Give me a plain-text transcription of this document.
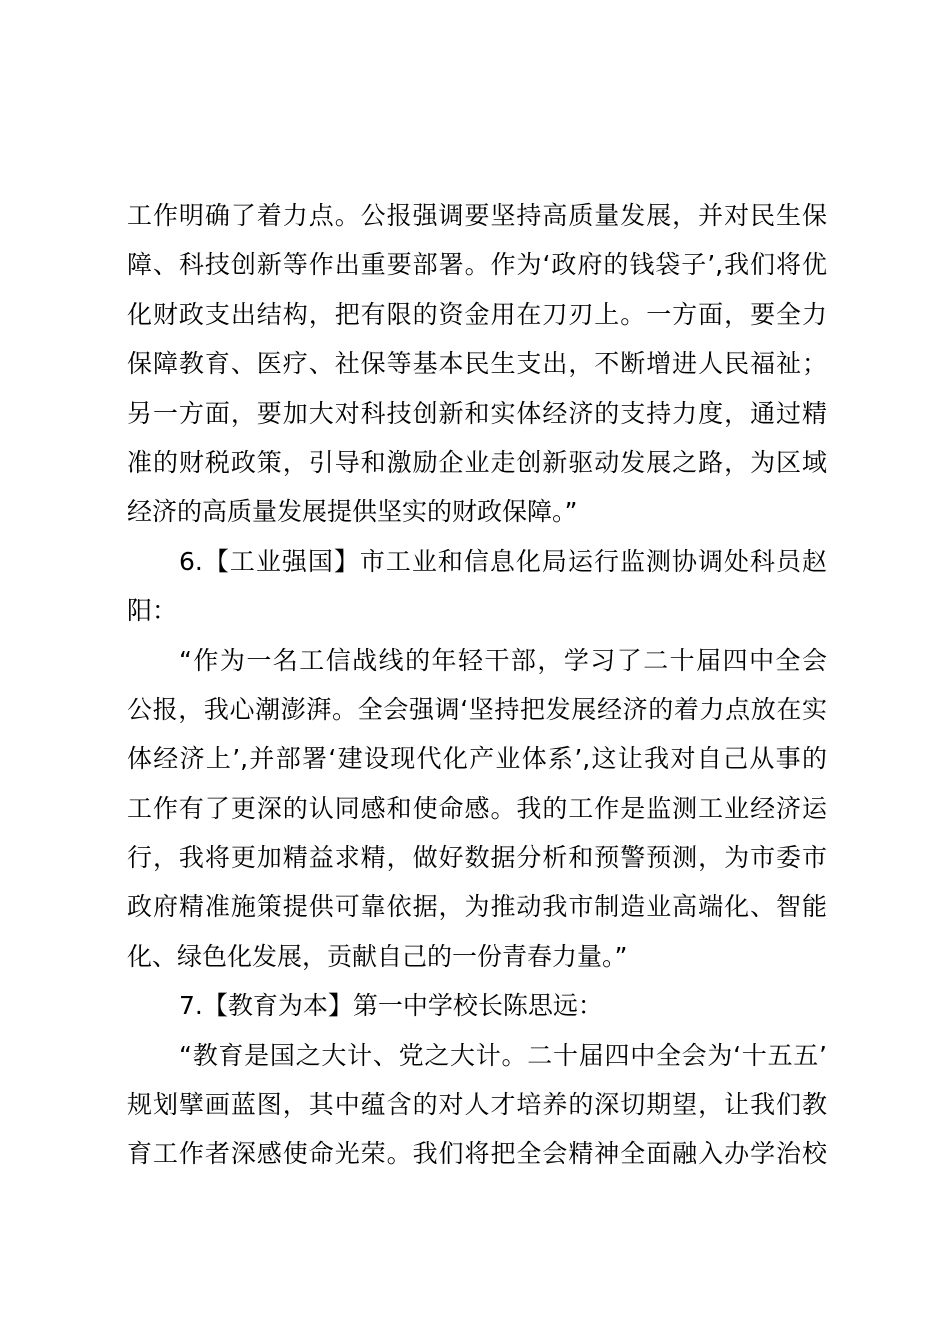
工作明确了着力点。公报强调要坚持高质量发展，并对民生保
障、科技创新等作出重要部署。作为‘政府的钱袋子’,我们将优
化财政支出结构，把有限的资金用在刀刃上。一方面，要全力
保障教育、医疗、社保等基本民生支出，不断增进人民福祉；
另一方面，要加大对科技创新和实体经济的支持力度，通过精
准的财税政策，引导和激励企业走创新驱动发展之路，为区域
经济的高质量发展提供坚实的财政保障。”
6.【工业强国】市工业和信息化局运行监测协调处科员赵
阳：
“作为一名工信战线的年轻干部，学习了二十届四中全会
公报，我心潮澎湃。全会强调‘坚持把发展经济的着力点放在实
体经济上’,并部署‘建设现代化产业体系’,这让我对自己从事的
工作有了更深的认同感和使命感。我的工作是监测工业经济运
行，我将更加精益求精，做好数据分析和预警预测，为市委市
政府精准施策提供可靠依据，为推动我市制造业高端化、智能
化、绿色化发展，贡献自己的一份青春力量。”
7.【教育为本】第一中学校长陈思远：
“教育是国之大计、党之大计。二十届四中全会为‘十五五’
规划擘画蓝图，其中蕴含的对人才培养的深切期望，让我们教
育工作者深感使命光荣。我们将把全会精神全面融入办学治校
